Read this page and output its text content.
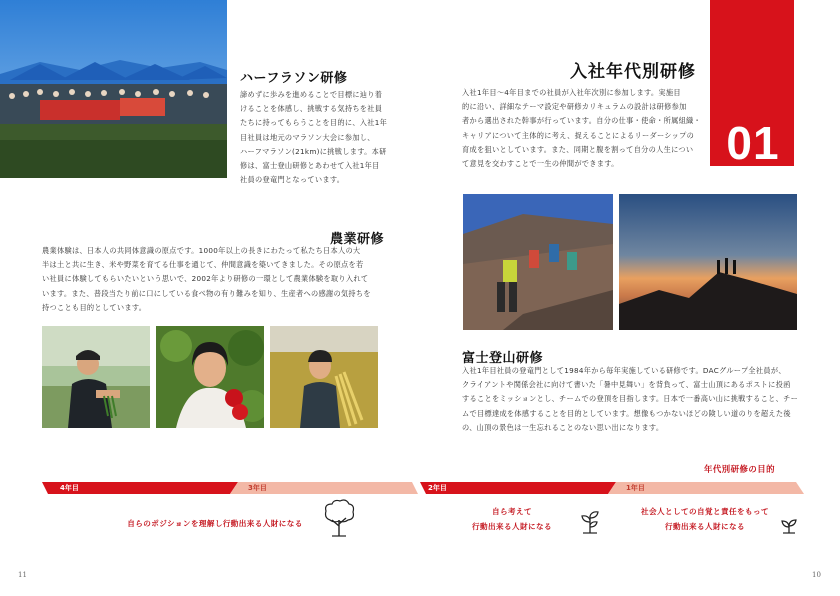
ハーフラソン研修
諦めずに歩みを進めることで目標に辿り着
けることを体感し、挑戦する気持ちを社員
たちに持ってもらうことを目的に、入社1年
目社員は地元のマラソン大会に参加し、
ハーフマラソン(21km)に挑戦します。本研
修は、富士登山研修とあわせて入社1年目
社員の登竜門となっています。
農業研修
農業体験は、日本人の共同体意識の原点です。1000年以上の長きにわたって私たち日本人の大
半は土と共に生き、米や野菜を育てる仕事を通じて、仲間意識を築いてきました。その原点を若
い社員に体験してもらいたいという思いで、2002年より研修の一環として農業体験を取り入れて
います。また、普段当たり前に口にしている食べ物の有り難みを知り、生産者への感謝の気持ちを
持つことも目的としています。
01
入社年代別研修
入社1年目〜4年目までの社員が入社年次別に参加します。実施目
的に沿い、詳細なテーマ設定や研修カリキュラムの設計は研修参加
者から選出された幹事が行っています。自分の仕事・使命・所属組織・
キャリアについて主体的に考え、捉えることによるリーダーシップの
育成を狙いとしています。また、同期と腹を割って自分の人生につい
て意見を交わすことで一生の仲間ができます。
富士登山研修
入社1年目社員の登竜門として1984年から毎年実施している研修です。DACグループ全社員が、
クライアントや関係会社に向けて書いた「暑中見舞い」を背負って、富士山頂にあるポストに投函
することをミッションとし、チームでの登頂を目指します。日本で一番高い山に挑戦すること、チー
ムで目標達成を体感することを目的としています。想像もつかないほどの険しい道のりを超えた後
の、山頂の景色は一生忘れることのない思い出になります。
年代別研修の目的
4年目	3年目	2年目	1年目
自らのポジションを理解し行動出来る人財になる
自ら考えて
行動出来る人財になる
社会人としての自覚と責任をもって
行動出来る人財になる
11	10
